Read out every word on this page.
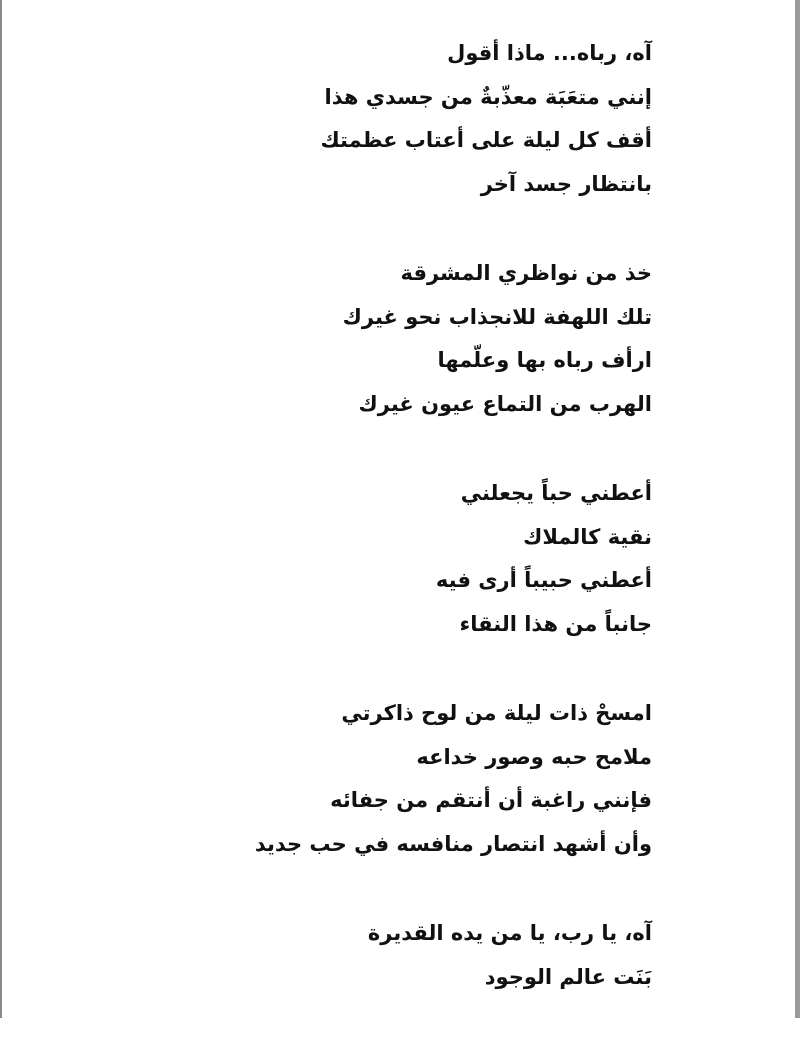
آه، رباه... ماذا أقول
إنني متعَبَة معذّبةٌ من جسدي هذا
أقف كل ليلة على أعتاب عظمتك
بانتظار جسد آخر
خذ من نواظري المشرقة
تلك اللهفة للانجذاب نحو غيرك
ارأف رباه بها وعلّمها
الهرب من التماع عيون غيرك
أعطني حباً يجعلني
نقية كالملاك
أعطني حبيباً أرى فيه
جانباً من هذا النقاء
امسحْ ذات ليلة من لوح ذاكرتي
ملامح حبه وصور خداعه
فإنني راغبة أن أنتقم من جفائه
وأن أشهد انتصار منافسه في حب جديد
آه، يا رب، يا من يده القديرة
بَنَت عالم الوجود
